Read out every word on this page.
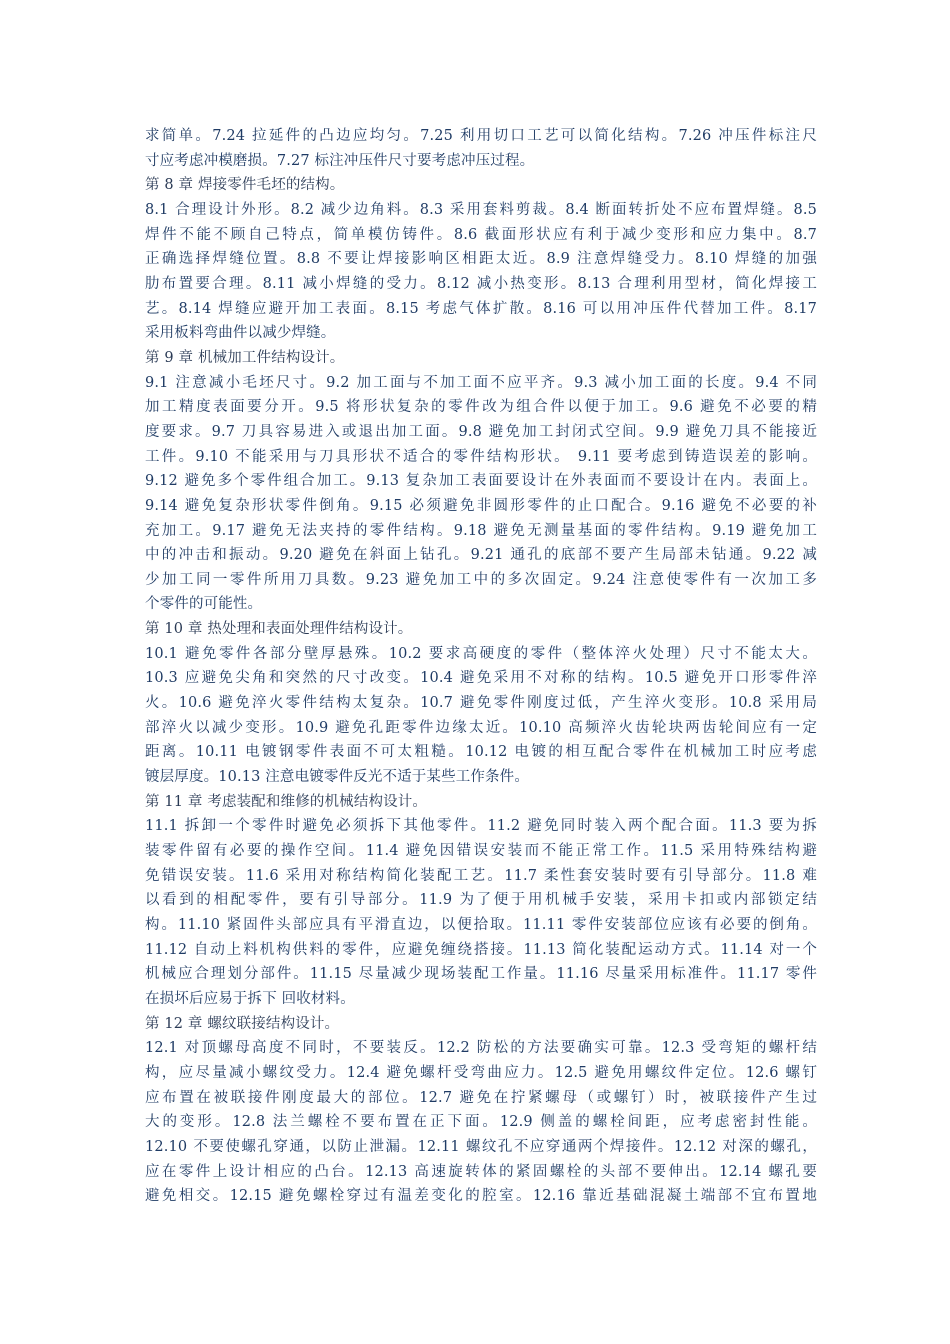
求简单。7.24 拉延件的凸边应均匀。7.25 利用切口工艺可以简化结构。7.26 冲压件标注尺
寸应考虑冲模磨损。7.27 标注冲压件尺寸要考虑冲压过程。
第 8 章 焊接零件毛坯的结构。
8.1 合理设计外形。8.2 减少边角料。8.3 采用套料剪裁。8.4 断面转折处不应布置焊缝。8.5
焊件不能不顾自己特点，简单模仿铸件。8.6 截面形状应有利于减少变形和应力集中。8.7
正确选择焊缝位置。8.8 不要让焊接影响区相距太近。8.9 注意焊缝受力。8.10 焊缝的加强
肋布置要合理。8.11 减小焊缝的受力。8.12 减小热变形。8.13 合理利用型材，简化焊接工
艺。8.14 焊缝应避开加工表面。8.15 考虑气体扩散。8.16 可以用冲压件代替加工件。8.17
采用板料弯曲件以减少焊缝。
第 9 章 机械加工件结构设计。
9.1 注意减小毛坯尺寸。9.2 加工面与不加工面不应平齐。9.3 减小加工面的长度。9.4 不同
加工精度表面要分开。9.5 将形状复杂的零件改为组合件以便于加工。9.6 避免不必要的精
度要求。9.7 刀具容易进入或退出加工面。9.8 避免加工封闭式空间。9.9 避免刀具不能接近
工件。9.10 不能采用与刀具形状不适合的零件结构形状。 9.11 要考虑到铸造误差的影响。
9.12 避免多个零件组合加工。9.13 复杂加工表面要设计在外表面而不要设计在内。表面上。
9.14 避免复杂形状零件倒角。9.15 必须避免非圆形零件的止口配合。9.16 避免不必要的补
充加工。9.17 避免无法夹持的零件结构。9.18 避免无测量基面的零件结构。9.19 避免加工
中的冲击和振动。9.20 避免在斜面上钻孔。9.21 通孔的底部不要产生局部未钻通。9.22 减
少加工同一零件所用刀具数。9.23 避免加工中的多次固定。9.24 注意使零件有一次加工多
个零件的可能性。
第 10 章 热处理和表面处理件结构设计。
10.1 避免零件各部分壁厚悬殊。10.2 要求高硬度的零件（整体淬火处理）尺寸不能太大。
10.3 应避免尖角和突然的尺寸改变。10.4 避免采用不对称的结构。10.5 避免开口形零件淬
火。10.6 避免淬火零件结构太复杂。10.7 避免零件刚度过低，产生淬火变形。10.8 采用局
部淬火以减少变形。10.9 避免孔距零件边缘太近。10.10 高频淬火齿轮块两齿轮间应有一定
距离。10.11 电镀钢零件表面不可太粗糙。10.12 电镀的相互配合零件在机械加工时应考虑
镀层厚度。10.13 注意电镀零件反光不适于某些工作条件。
第 11 章 考虑装配和维修的机械结构设计。
11.1 拆卸一个零件时避免必须拆下其他零件。11.2 避免同时装入两个配合面。11.3 要为拆
装零件留有必要的操作空间。11.4 避免因错误安装而不能正常工作。11.5 采用特殊结构避
免错误安装。11.6 采用对称结构简化装配工艺。11.7 柔性套安装时要有引导部分。11.8 难
以看到的相配零件，要有引导部分。11.9 为了便于用机械手安装，采用卡扣或内部锁定结
构。11.10 紧固件头部应具有平滑直边，以便拾取。11.11 零件安装部位应该有必要的倒角。
11.12 自动上料机构供料的零件，应避免缠绕搭接。11.13 简化装配运动方式。11.14 对一个
机械应合理划分部件。11.15 尽量减少现场装配工作量。11.16 尽量采用标准件。11.17 零件
在损坏后应易于拆下 回收材料。
第 12 章 螺纹联接结构设计。
12.1 对顶螺母高度不同时，不要装反。12.2 防松的方法要确实可靠。12.3 受弯矩的螺杆结
构，应尽量减小螺纹受力。12.4 避免螺杆受弯曲应力。12.5 避免用螺纹件定位。12.6 螺钉
应布置在被联接件刚度最大的部位。12.7 避免在拧紧螺母（或螺钉）时，被联接件产生过
大的变形。12.8 法兰螺栓不要布置在正下面。12.9 侧盖的螺栓间距，应考虑密封性能。
12.10 不要使螺孔穿通，以防止泄漏。12.11 螺纹孔不应穿通两个焊接件。12.12 对深的螺孔，
应在零件上设计相应的凸台。12.13 高速旋转体的紧固螺栓的头部不要伸出。12.14 螺孔要
避免相交。12.15 避免螺栓穿过有温差变化的腔室。12.16 靠近基础混凝土端部不宜布置地
